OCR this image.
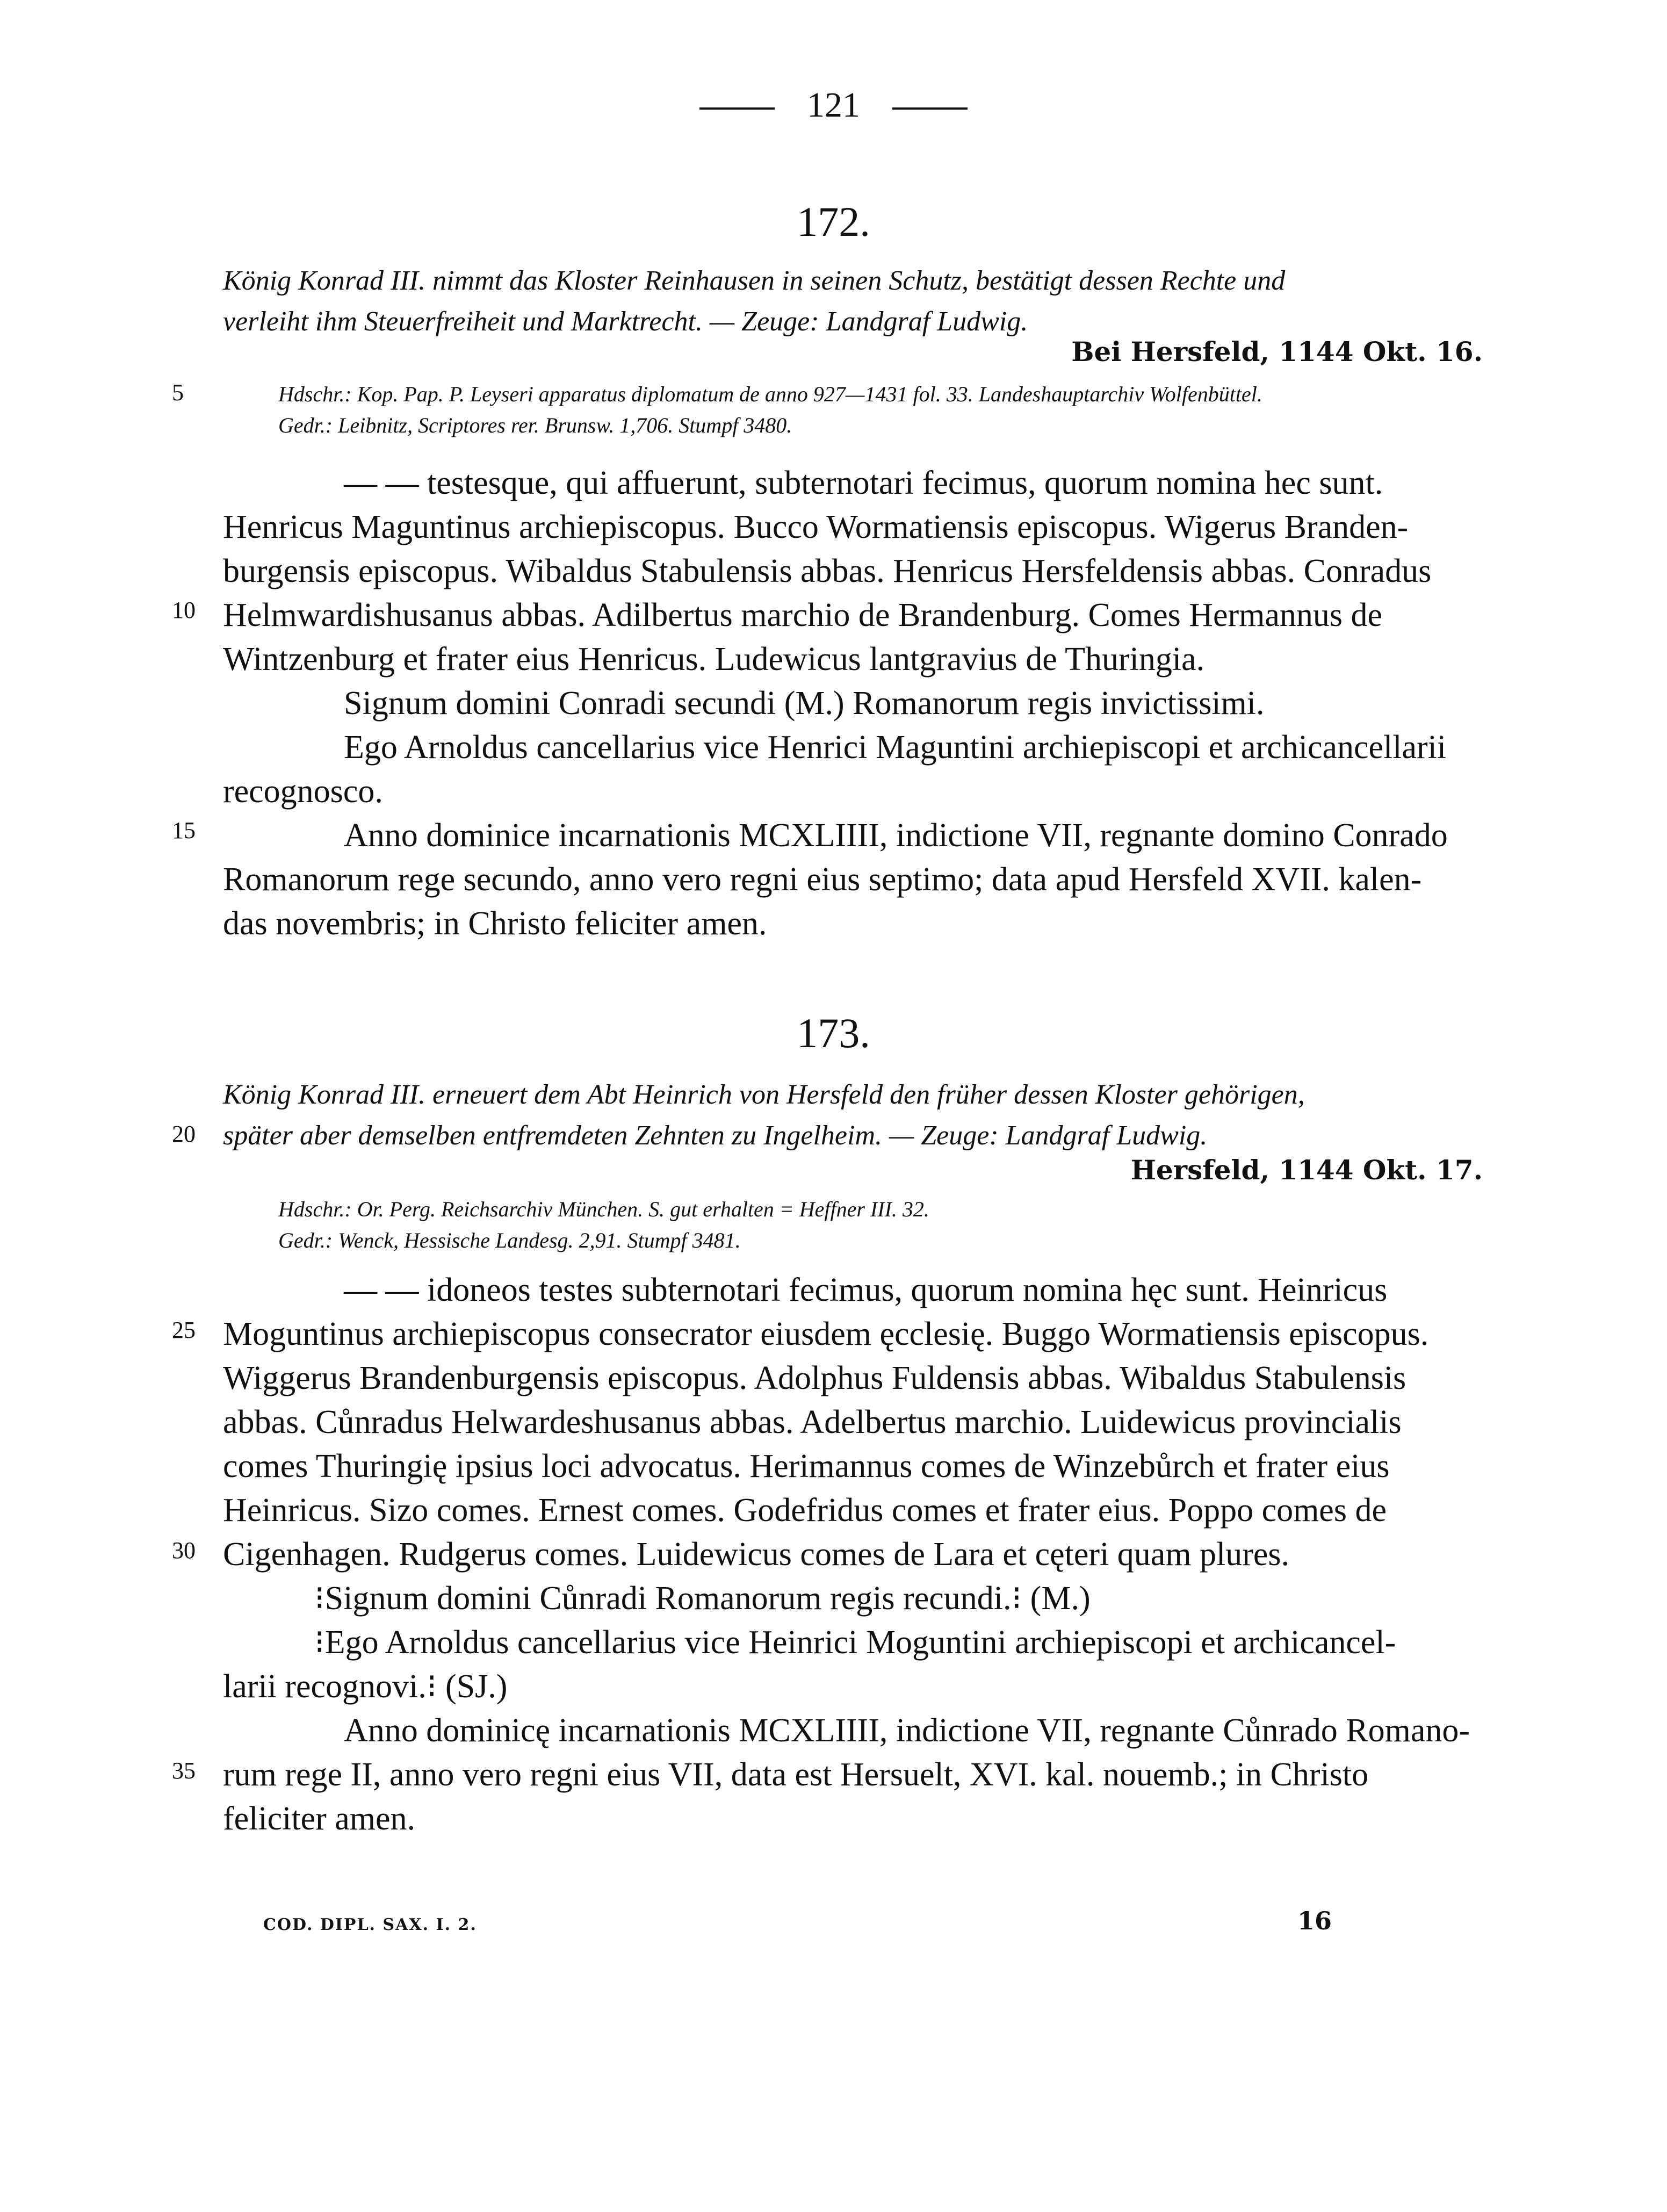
121
172.

König Konrad III. nimmt das Kloster Reinhausen in seinen Schutz, bestätigt dessen Rechte und

verleiht ihm Steuerfreiheit und Marktrecht. — Zeuge: Landgraf Ludwig.

Bei Hersfeld, 1144 Okt. 16.
5	Hdschr.: Kop. Pap. P. Leyseri apparatus diplomatum de anno 927—1431 fol. 33. Landeshauptarchiv Wolfenbüttel.

Gedr.: Leibnitz, Scriptores rer. Brunsw. 1,706. Stumpf 3480.

— — testesque, qui affuerunt, subternotari fecimus, quorum nomina hec sunt.

Henricus Maguntinus archiepiscopus. Bucco Wormatiensis episcopus. Wigerus Branden-

burgensis episcopus. Wibaldus Stabulensis abbas. Henricus Hersfeldensis abbas. Conradus

Helmwardishusanus abbas. Adilbertus marchio de Brandenburg. Comes Hermannus de

Wintzenburg et frater eius Henricus. Ludewicus lantgravius de Thuringia.

Signum domini Conradi secundi (M.) Romanorum regis invictissimi.

Ego Arnoldus cancellarius vice Henrici Maguntini archiepiscopi et archicancellarii

recognosco.

Anno dominice incarnationis MCXLIIII, indictione VII, regnante domino Conrado

Romanorum rege secundo, anno vero regni eius septimo; data apud Hersfeld XVII. kalen-

das novembris; in Christo feliciter amen.

10
15
173.

König Konrad III. erneuert dem Abt Heinrich von Hersfeld den früher dessen Kloster gehörigen,

später aber demselben entfremdeten Zehnten zu Ingelheim. — Zeuge: Landgraf Ludwig.

20
Hersfeld, 1144 Okt. 17.

Hdschr.: Or. Perg. Reichsarchiv München. S. gut erhalten = Heffner III. 32.

Gedr.: Wenck, Hessische Landesg. 2,91. Stumpf 3481.

— — idoneos testes subternotari fecimus, quorum nomina hęc sunt. Heinricus

Moguntinus archiepiscopus consecrator eiusdem ęcclesię. Buggo Wormatiensis episcopus.

Wiggerus Brandenburgensis episcopus. Adolphus Fuldensis abbas. Wibaldus Stabulensis

abbas. Cůnradus Helwardeshusanus abbas. Adelbertus marchio. Luidewicus provincialis

comes Thuringię ipsius loci advocatus. Herimannus comes de Winzebůrch et frater eius

Heinricus. Sizo comes. Ernest comes. Godefridus comes et frater eius. Poppo comes de

Cigenhagen. Rudgerus comes. Luidewicus comes de Lara et cęteri quam plures.

⁝Signum domini Cůnradi Romanorum regis recundi.⁝ (M.)

⁝Ego Arnoldus cancellarius vice Heinrici Moguntini archiepiscopi et archicancel-

larii recognovi.⁝ (SJ.)

Anno dominicę incarnationis MCXLIIII, indictione VII, regnante Cůnrado Romano-

rum rege II, anno vero regni eius VII, data est Hersuelt, XVI. kal. nouemb.; in Christo

feliciter amen.

25
30
35
COD. DIPL. SAX. I. 2.	16
